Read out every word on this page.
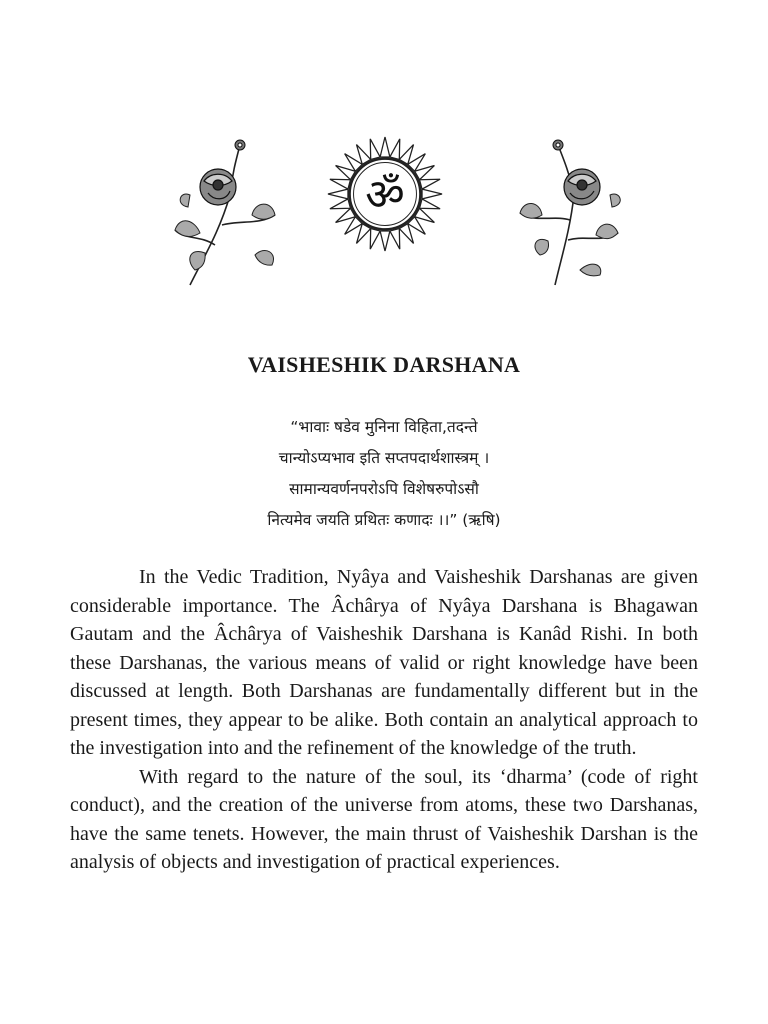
ॐ
VAISHESHIK DARSHANA
“भावाः षडेव मुनिना विहिता,तदन्ते
चान्योऽप्यभाव इति सप्तपदार्थशास्त्रम् ।
सामान्यवर्णनपरोऽपि विशेषरुपोऽसौ
नित्यमेव जयति प्रथितः कणादः ।।” (ऋषि)

In the Vedic Tradition, Nyâya and Vaisheshik Darshanas are given considerable importance. The Âchârya of Nyâya Darshana is Bhagawan Gautam and the Âchârya of Vaisheshik Darshana is Kanâd Rishi. In both these Darshanas, the various means of valid or right knowledge have been discussed at length. Both Darshanas are fundamentally different but in the present times, they appear to be alike. Both contain an analytical approach to the investigation into and the refinement of the knowledge of the truth.

With regard to the nature of the soul, its ‘dharma’ (code of right conduct), and the creation of the universe from atoms, these two Darshanas, have the same tenets. However, the main thrust of Vaisheshik Darshan is the analysis of objects and investigation of practical experiences.
